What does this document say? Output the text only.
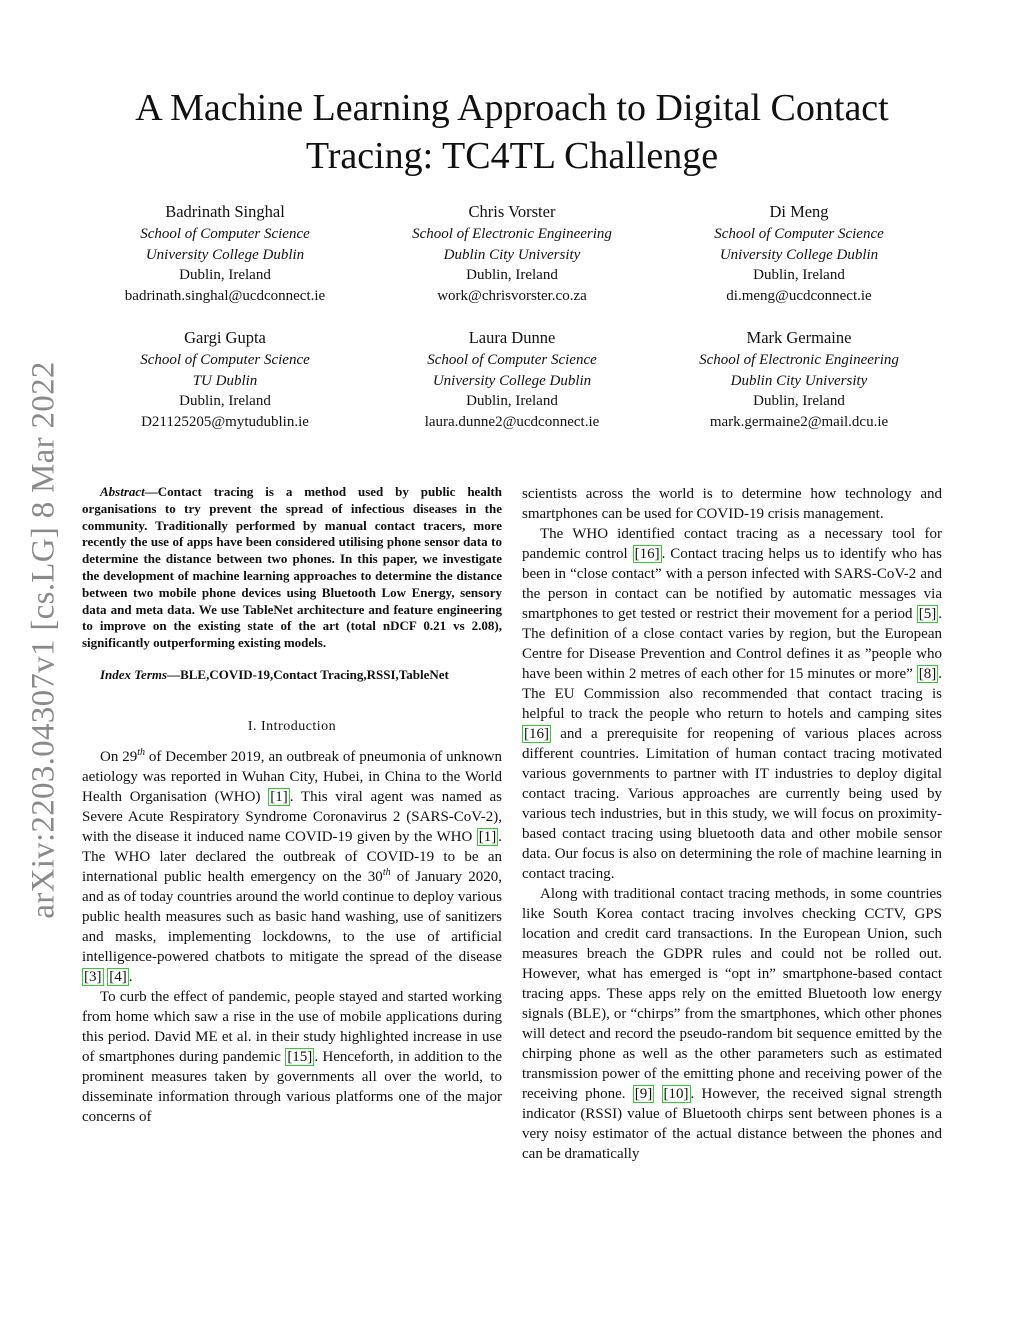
arXiv:2203.04307v1 [cs.LG] 8 Mar 2022
A Machine Learning Approach to Digital Contact
Tracing: TC4TL Challenge
Badrinath Singhal
School of Computer Science
University College Dublin
Dublin, Ireland
badrinath.singhal@ucdconnect.ie
Chris Vorster
School of Electronic Engineering
Dublin City University
Dublin, Ireland
work@chrisvorster.co.za
Di Meng
School of Computer Science
University College Dublin
Dublin, Ireland
di.meng@ucdconnect.ie
Gargi Gupta
School of Computer Science
TU Dublin
Dublin, Ireland
D21125205@mytudublin.ie
Laura Dunne
School of Computer Science
University College Dublin
Dublin, Ireland
laura.dunne2@ucdconnect.ie
Mark Germaine
School of Electronic Engineering
Dublin City University
Dublin, Ireland
mark.germaine2@mail.dcu.ie

Abstract—Contact tracing is a method used by public health organisations to try prevent the spread of infectious diseases in the community. Traditionally performed by manual contact tracers, more recently the use of apps have been considered utilising phone sensor data to determine the distance between two phones. In this paper, we investigate the development of machine learning approaches to determine the distance between two mobile phone devices using Bluetooth Low Energy, sensory data and meta data. We use TableNet architecture and feature engineering to improve on the existing state of the art (total nDCF 0.21 vs 2.08), significantly outperforming existing models.

Index Terms—BLE,COVID-19,Contact Tracing,RSSI,TableNet

I. Introduction

On 29th of December 2019, an outbreak of pneumonia of unknown aetiology was reported in Wuhan City, Hubei, in China to the World Health Organisation (WHO) [1] . This viral agent was named as Severe Acute Respiratory Syndrome Coronavirus 2 (SARS-CoV-2), with the disease it induced name COVID-19 given by the WHO [1] . The WHO later declared the outbreak of COVID-19 to be an international public health emergency on the 30th of January 2020, and as of today countries around the world continue to deploy various public health measures such as basic hand washing, use of sanitizers and masks, implementing lockdowns, to the use of artificial intelligence-powered chatbots to mitigate the spread of the disease [3] [4] .

To curb the effect of pandemic, people stayed and started working from home which saw a rise in the use of mobile applications during this period. David ME et al. in their study highlighted increase in use of smartphones during pandemic [15] . Henceforth, in addition to the prominent measures taken by governments all over the world, to disseminate information through various platforms one of the major concerns of

scientists across the world is to determine how technology and smartphones can be used for COVID-19 crisis management.

The WHO identified contact tracing as a necessary tool for pandemic control [16] . Contact tracing helps us to identify who has been in “close contact” with a person infected with SARS-CoV-2 and the person in contact can be notified by automatic messages via smartphones to get tested or restrict their movement for a period [5] . The definition of a close contact varies by region, but the European Centre for Disease Prevention and Control defines it as ”people who have been within 2 metres of each other for 15 minutes or more” [8] . The EU Commission also recommended that contact tracing is helpful to track the people who return to hotels and camping sites [16] and a prerequisite for reopening of various places across different countries. Limitation of human contact tracing motivated various governments to partner with IT industries to deploy digital contact tracing. Various approaches are currently being used by various tech industries, but in this study, we will focus on proximity-based contact tracing using bluetooth data and other mobile sensor data. Our focus is also on determining the role of machine learning in contact tracing.

Along with traditional contact tracing methods, in some countries like South Korea contact tracing involves checking CCTV, GPS location and credit card transactions. In the European Union, such measures breach the GDPR rules and could not be rolled out. However, what has emerged is “opt in” smartphone-based contact tracing apps. These apps rely on the emitted Bluetooth low energy signals (BLE), or “chirps” from the smartphones, which other phones will detect and record the pseudo-random bit sequence emitted by the chirping phone as well as the other parameters such as estimated transmission power of the emitting phone and receiving power of the receiving phone. [9] [10] . However, the received signal strength indicator (RSSI) value of Bluetooth chirps sent between phones is a very noisy estimator of the actual distance between the phones and can be dramatically
